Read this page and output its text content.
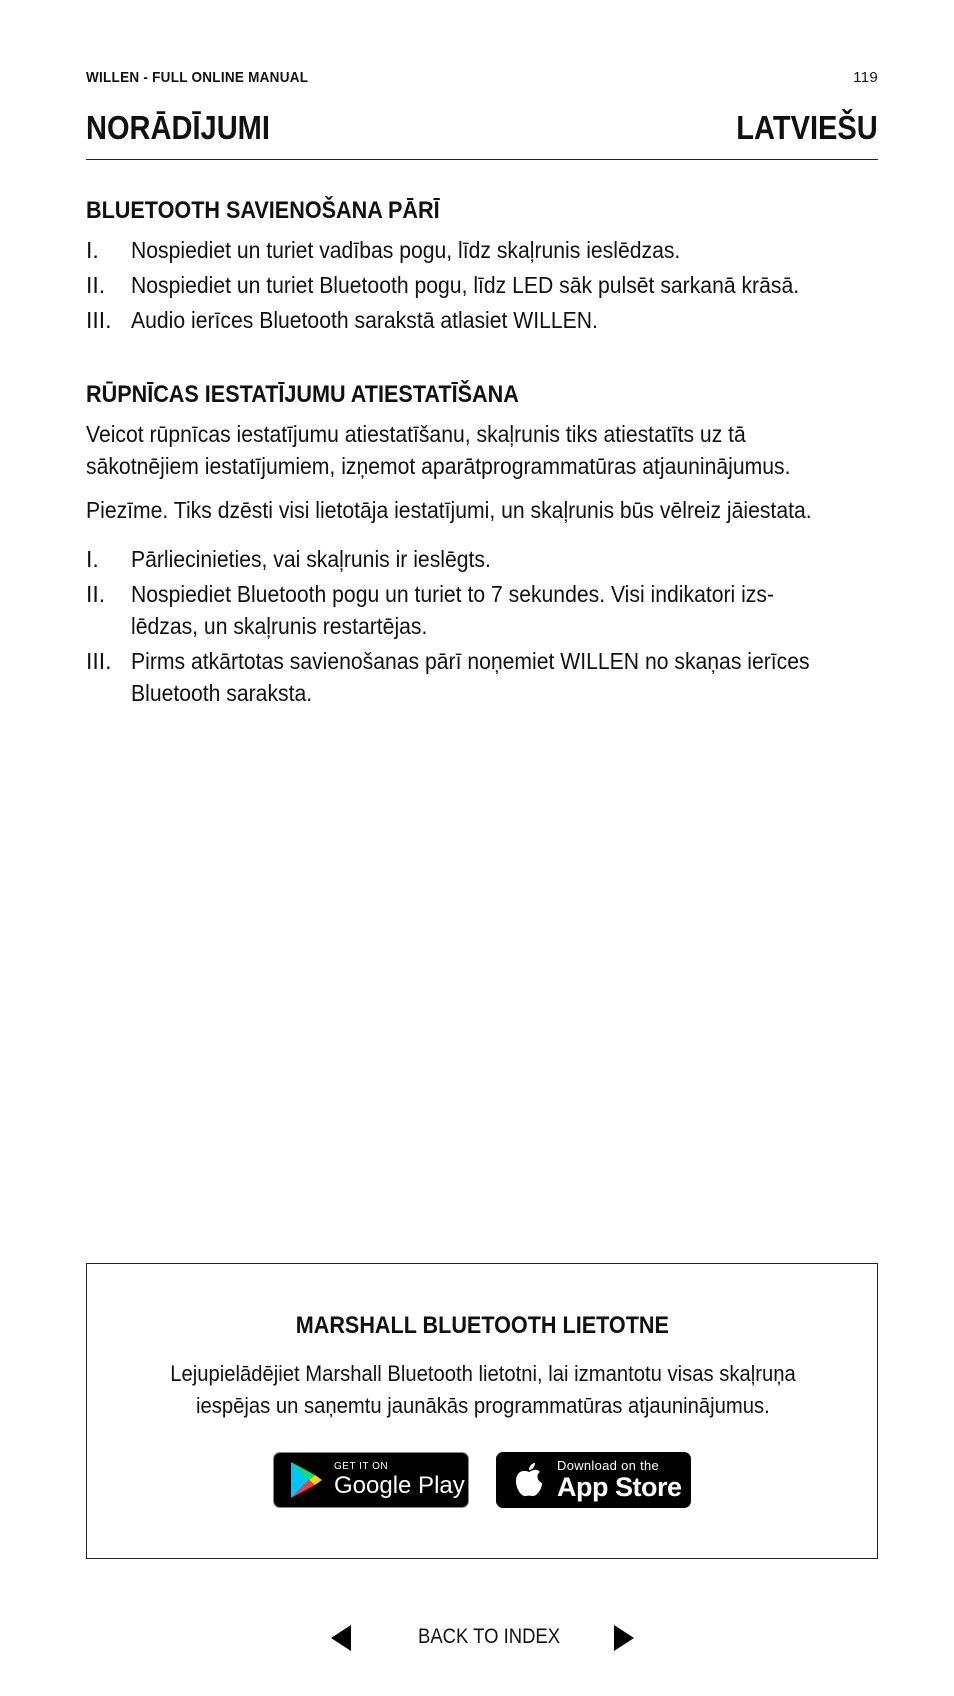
WILLEN - FULL ONLINE MANUAL	119
NORĀDĪJUMI	LATVIEŠU
BLUETOOTH SAVIENOŠANA PĀRĪ
I.	Nospiediet un turiet vadības pogu, līdz skaļrunis ieslēdzas.
II.	Nospiediet un turiet Bluetooth pogu, līdz LED sāk pulsēt sarkanā krāsā.
III. Audio ierīces Bluetooth sarakstā atlasiet WILLEN.
RŪPNĪCAS IESTATĪJUMU ATIESTATĪŠANA
Veicot rūpnīcas iestatījumu atiestatīšanu, skaļrunis tiks atiestatīts uz tā
sākotnējiem iestatījumiem, izņemot aparātprogrammatūras atjauninājumus.
Piezīme. Tiks dzēsti visi lietotāja iestatījumi, un skaļrunis būs vēlreiz jāiestata.
I.	Pārliecinieties, vai skaļrunis ir ieslēgts.
II.	Nospiediet Bluetooth pogu un turiet to 7 sekundes. Visi indikatori izs-
lēdzas, un skaļrunis restartējas.
III. Pirms atkārtotas savienošanas pārī noņemiet WILLEN no skaņas ierīces
Bluetooth saraksta.
MARSHALL BLUETOOTH LIETOTNE
Lejupielādējiet Marshall Bluetooth lietotni, lai izmantotu visas skaļruņa
iespējas un saņemtu jaunākās programmatūras atjauninājumus.
GET IT ON
Google Play
Download on the
App Store
BACK TO INDEX
